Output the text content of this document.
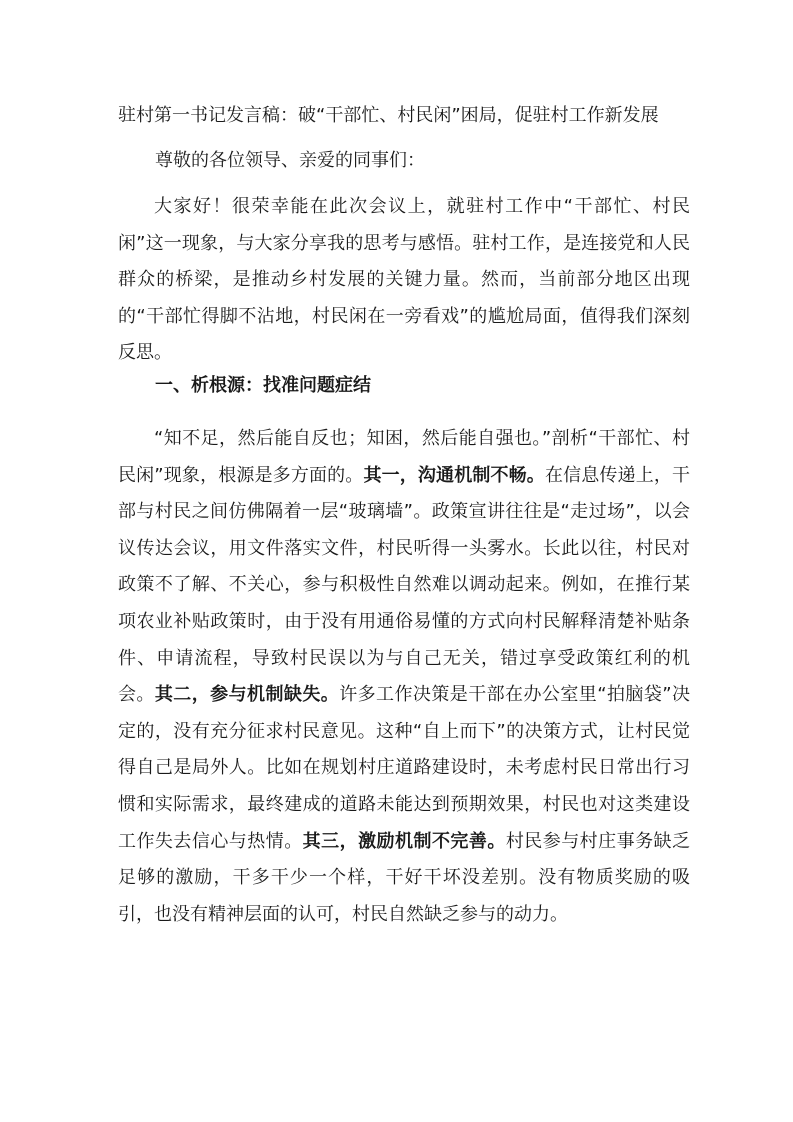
驻村第一书记发言稿：破“干部忙、村民闲”困局，促驻村工作新发展
尊敬的各位领导、亲爱的同事们：

大家好！很荣幸能在此次会议上，就驻村工作中“干部忙、村民闲”这一现象，与大家分享我的思考与感悟。驻村工作，是连接党和人民群众的桥梁，是推动乡村发展的关键力量。然而，当前部分地区出现的“干部忙得脚不沾地，村民闲在一旁看戏”的尴尬局面，值得我们深刻反思。

一、析根源：找准问题症结

“知不足，然后能自反也；知困，然后能自强也。”剖析“干部忙、村民闲”现象，根源是多方面的。其一，沟通机制不畅。在信息传递上，干部与村民之间仿佛隔着一层“玻璃墙”。政策宣讲往往是“走过场”，以会议传达会议，用文件落实文件，村民听得一头雾水。长此以往，村民对政策不了解、不关心，参与积极性自然难以调动起来。例如，在推行某项农业补贴政策时，由于没有用通俗易懂的方式向村民解释清楚补贴条件、申请流程，导致村民误以为与自己无关，错过享受政策红利的机会。其二，参与机制缺失。许多工作决策是干部在办公室里“拍脑袋”决定的，没有充分征求村民意见。这种“自上而下”的决策方式，让村民觉得自己是局外人。比如在规划村庄道路建设时，未考虑村民日常出行习惯和实际需求，最终建成的道路未能达到预期效果，村民也对这类建设工作失去信心与热情。其三，激励机制不完善。村民参与村庄事务缺乏足够的激励，干多干少一个样，干好干坏没差别。没有物质奖励的吸引，也没有精神层面的认可，村民自然缺乏参与的动力。
